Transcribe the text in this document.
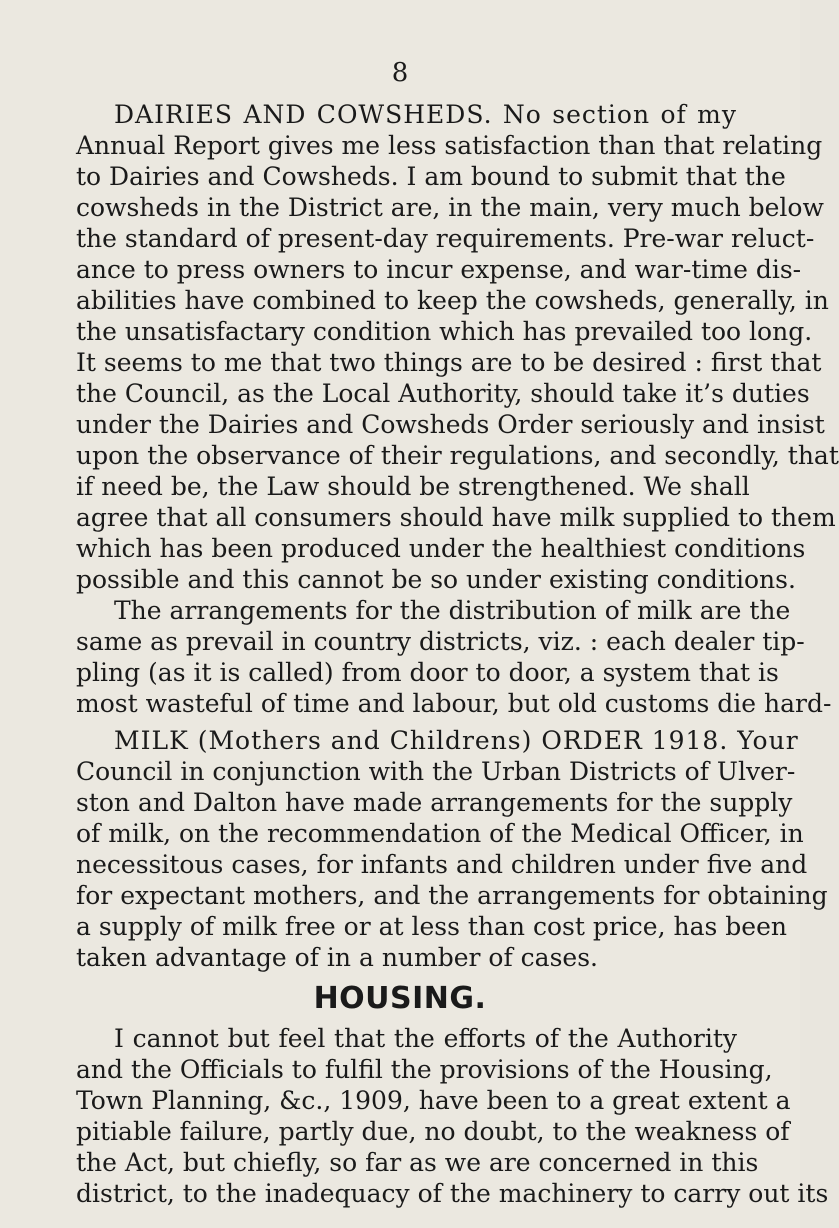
8
DAIRIES AND COWSHEDS. No section of my
Annual Report gives me less satisfaction than that relating
to Dairies and Cowsheds. I am bound to submit that the
cowsheds in the District are, in the main, very much below
the standard of present-day requirements. Pre-war reluct-
ance to press owners to incur expense, and war-time dis-
abilities have combined to keep the cowsheds, generally, in
the unsatisfactary condition which has prevailed too long.
It seems to me that two things are to be desired : first that
the Council, as the Local Authority, should take it’s duties
under the Dairies and Cowsheds Order seriously and insist
upon the observance of their regulations, and secondly, that
if need be, the Law should be strengthened. We shall
agree that all consumers should have milk supplied to them
which has been produced under the healthiest conditions
possible and this cannot be so under existing conditions.
The arrangements for the distribution of milk are the
same as prevail in country districts, viz. : each dealer tip-
pling (as it is called) from door to door, a system that is
most wasteful of time and labour, but old customs die hard-
MILK (Mothers and Childrens) ORDER 1918. Your
Council in conjunction with the Urban Districts of Ulver-
ston and Dalton have made arrangements for the supply
of milk, on the recommendation of the Medical Officer, in
necessitous cases, for infants and children under five and
for expectant mothers, and the arrangements for obtaining
a supply of milk free or at less than cost price, has been
taken advantage of in a number of cases.
HOUSING.
I cannot but feel that the efforts of the Authority
and the Officials to fulfil the provisions of the Housing,
Town Planning, &c., 1909, have been to a great extent a
pitiable failure, partly due, no doubt, to the weakness of
the Act, but chiefly, so far as we are concerned in this
district, to the inadequacy of the machinery to carry out its
